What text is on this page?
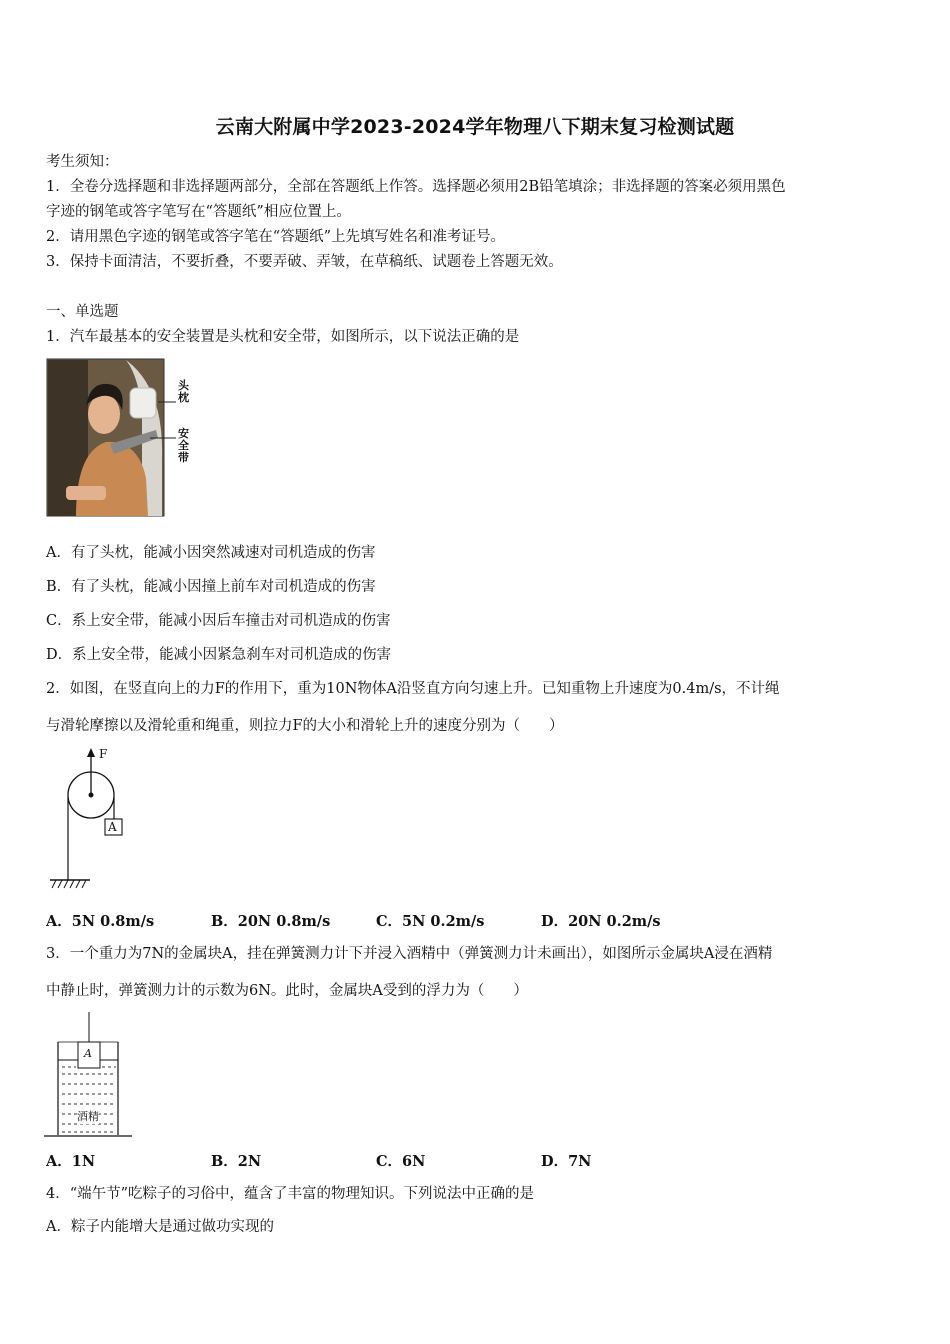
云南大附属中学2023-2024学年物理八下期末复习检测试题
考生须知：
1．全卷分选择题和非选择题两部分，全部在答题纸上作答。选择题必须用2B铅笔填涂；非选择题的答案必须用黑色
字迹的钢笔或答字笔写在“答题纸”相应位置上。
2．请用黑色字迹的钢笔或答字笔在“答题纸”上先填写姓名和准考证号。
3．保持卡面清洁，不要折叠，不要弄破、弄皱，在草稿纸、试题卷上答题无效。
一、单选题
1．汽车最基本的安全装置是头枕和安全带，如图所示，以下说法正确的是
头枕
安全带
A．有了头枕，能减小因突然减速对司机造成的伤害
B．有了头枕，能减小因撞上前车对司机造成的伤害
C．系上安全带，能减小因后车撞击对司机造成的伤害
D．系上安全带，能减小因紧急刹车对司机造成的伤害
2．如图，在竖直向上的力F的作用下，重为10N物体A沿竖直方向匀速上升。已知重物上升速度为0.4m/s，不计绳
与滑轮摩擦以及滑轮重和绳重，则拉力F的大小和滑轮上升的速度分别为（　　）
F
A
A．5N 0.8m/s	B．20N 0.8m/s	C．5N 0.2m/s	D．20N 0.2m/s
3．一个重力为7N的金属块A，挂在弹簧测力计下并浸入酒精中（弹簧测力计未画出），如图所示金属块A浸在酒精
中静止时，弹簧测力计的示数为6N。此时，金属块A受到的浮力为（　　）
A
酒精
A．1N	B．2N	C．6N	D．7N
4．“端午节”吃粽子的习俗中，蕴含了丰富的物理知识。下列说法中正确的是
A．粽子内能增大是通过做功实现的
